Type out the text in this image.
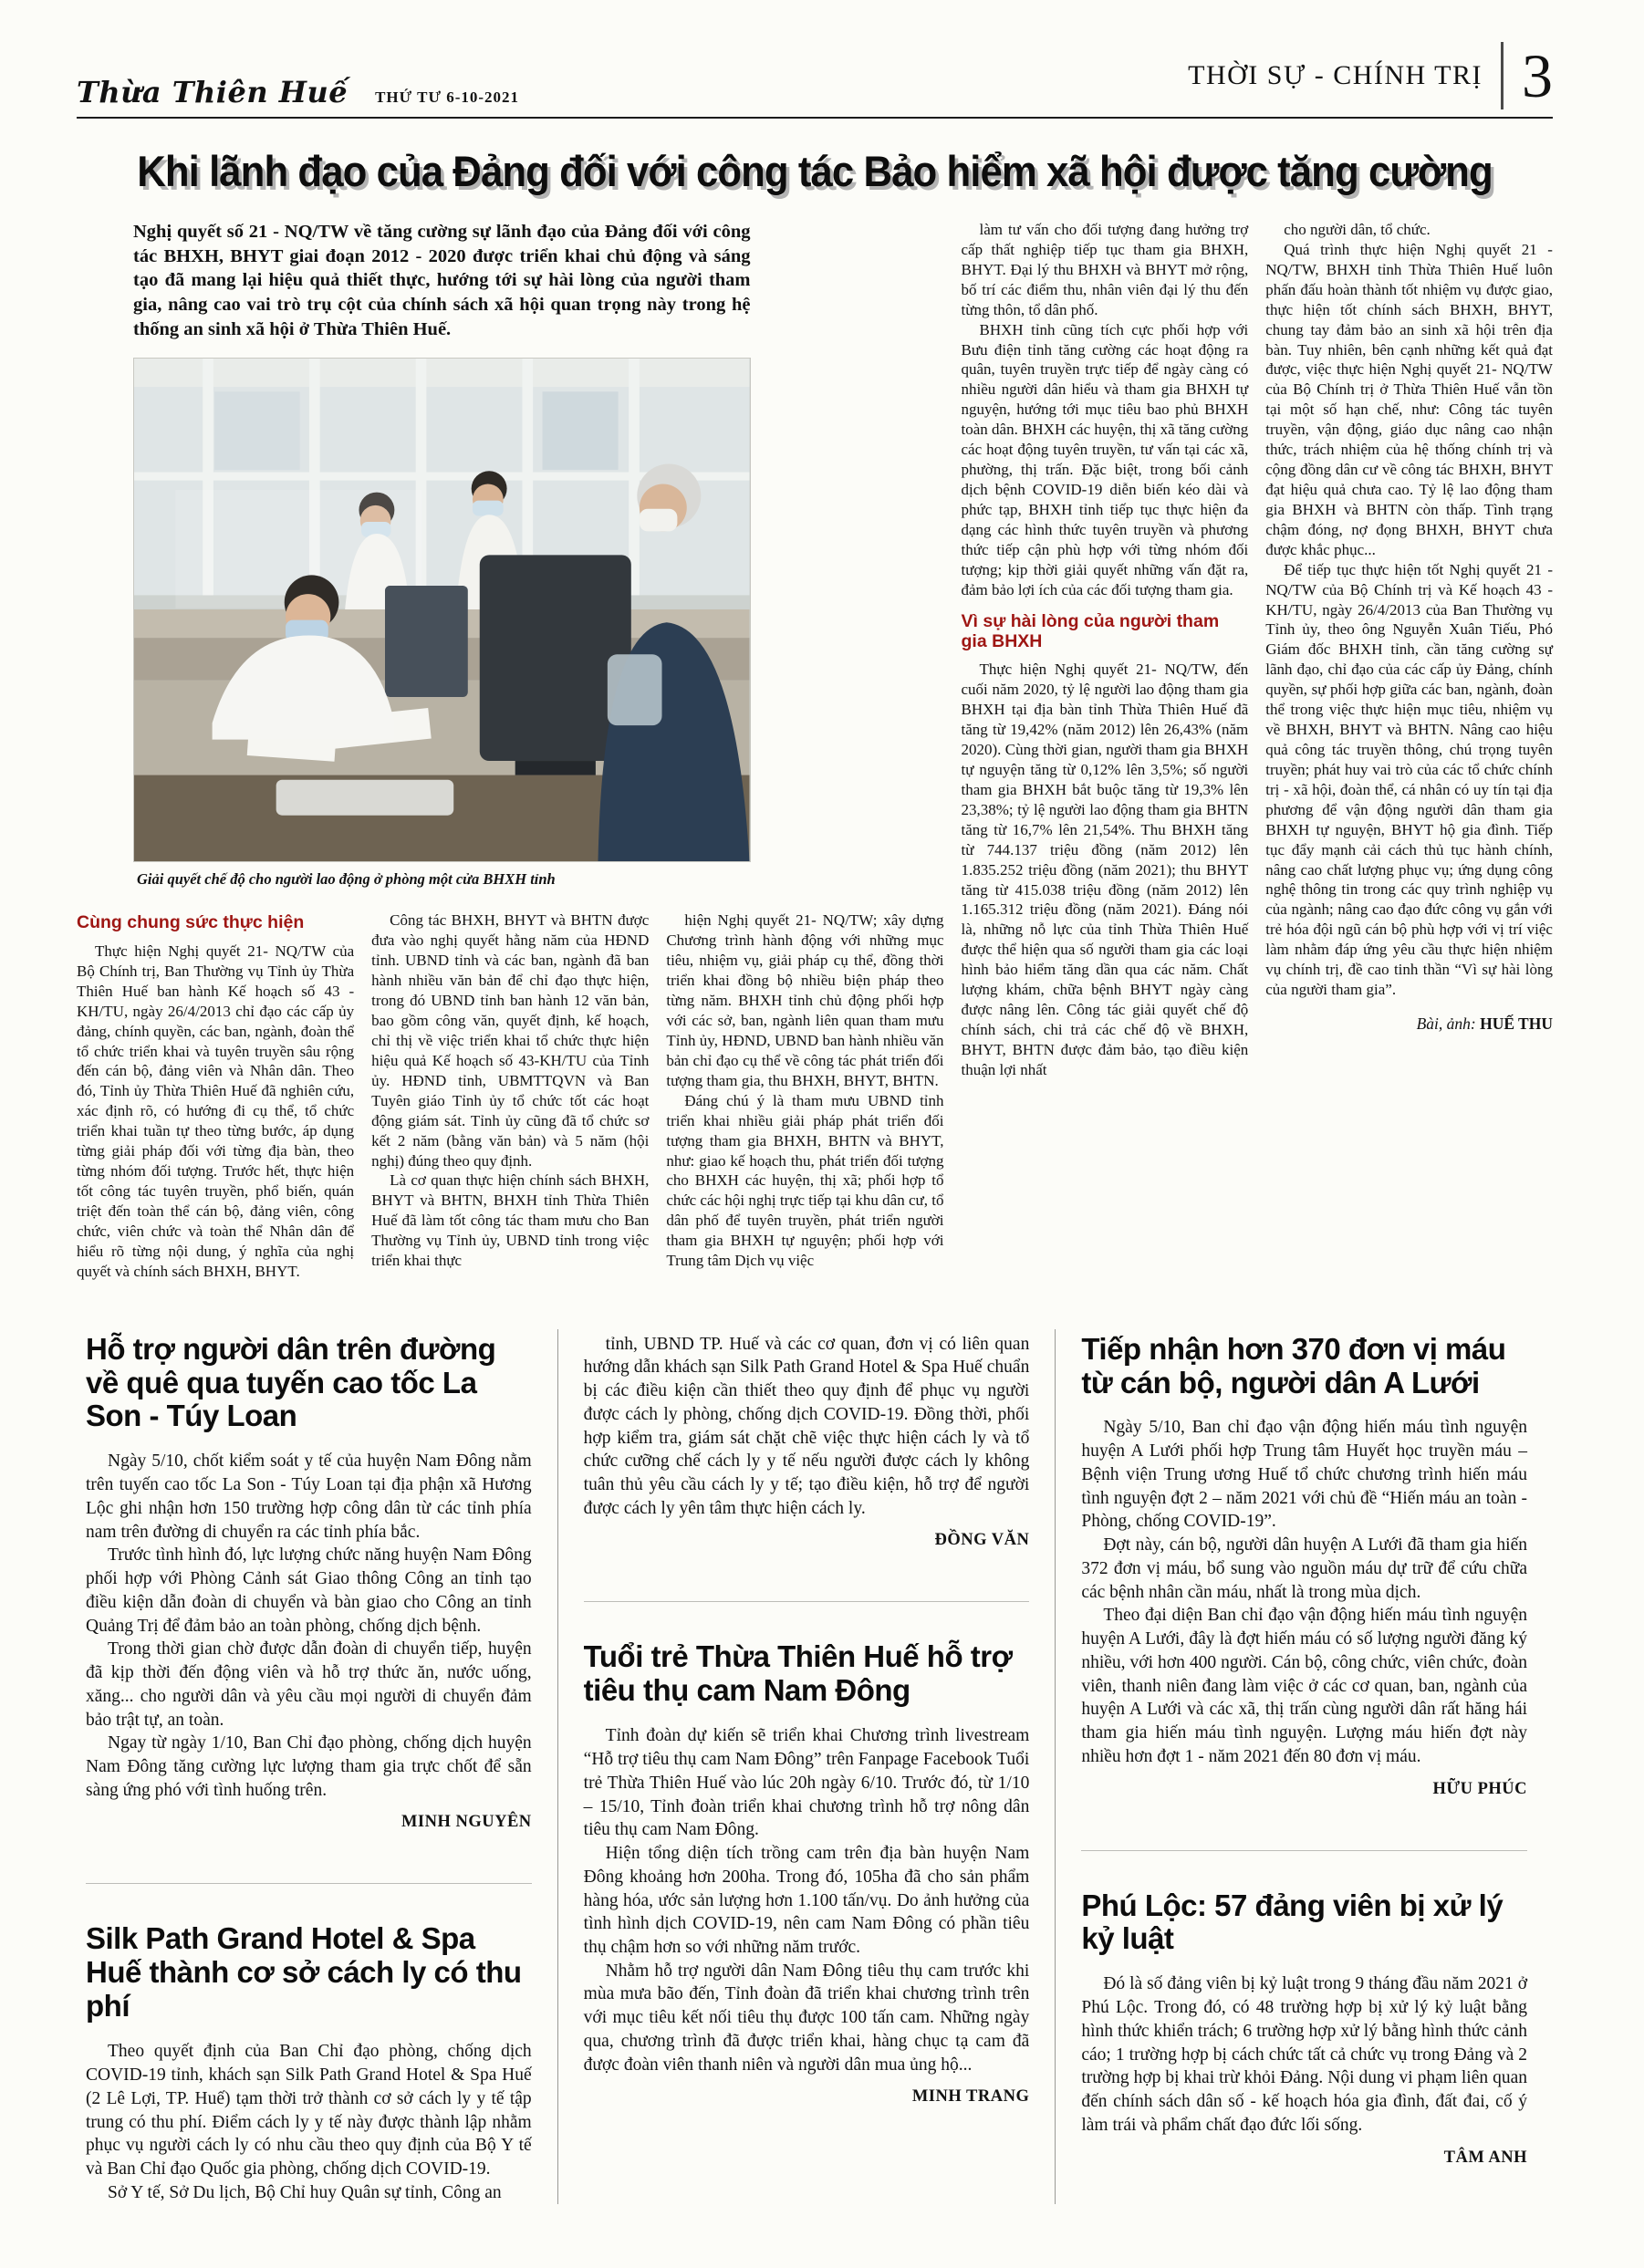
Thừa Thiên Huế THỨ TƯ 6-10-2021
THỜI SỰ - CHÍNH TRỊ 3
Khi lãnh đạo của Đảng đối với công tác Bảo hiểm xã hội được tăng cường

Nghị quyết số 21 - NQ/TW về tăng cường sự lãnh đạo của Đảng đối với công tác BHXH, BHYT giai đoạn 2012 - 2020 được triển khai chủ động và sáng tạo đã mang lại hiệu quả thiết thực, hướng tới sự hài lòng của người tham gia, nâng cao vai trò trụ cột của chính sách xã hội quan trọng này trong hệ thống an sinh xã hội ở Thừa Thiên Huế.

Giải quyết chế độ cho người lao động ở phòng một cửa BHXH tỉnh

Cùng chung sức thực hiện

Thực hiện Nghị quyết 21- NQ/TW của Bộ Chính trị, Ban Thường vụ Tỉnh ủy Thừa Thiên Huế ban hành Kế hoạch số 43 - KH/TU, ngày 26/4/2013 chỉ đạo các cấp ủy đảng, chính quyền, các ban, ngành, đoàn thể tổ chức triển khai và tuyên truyền sâu rộng đến cán bộ, đảng viên và Nhân dân. Theo đó, Tỉnh ủy Thừa Thiên Huế đã nghiên cứu, xác định rõ, có hướng đi cụ thể, tổ chức triển khai tuần tự theo từng bước, áp dụng từng giải pháp đối với từng địa bàn, theo từng nhóm đối tượng. Trước hết, thực hiện tốt công tác tuyên truyền, phổ biến, quán triệt đến toàn thể cán bộ, đảng viên, công chức, viên chức và toàn thể Nhân dân để hiểu rõ từng nội dung, ý nghĩa của nghị quyết và chính sách BHXH, BHYT.

Công tác BHXH, BHYT và BHTN được đưa vào nghị quyết hằng năm của HĐND tỉnh. UBND tỉnh và các ban, ngành đã ban hành nhiều văn bản để chỉ đạo thực hiện, trong đó UBND tỉnh ban hành 12 văn bản, bao gồm công văn, quyết định, kế hoạch, chỉ thị về việc triển khai tổ chức thực hiện hiệu quả Kế hoạch số 43-KH/TU của Tỉnh ủy. HĐND tỉnh, UBMTTQVN và Ban Tuyên giáo Tỉnh ủy tổ chức tốt các hoạt động giám sát. Tỉnh ủy cũng đã tổ chức sơ kết 2 năm (bằng văn bản) và 5 năm (hội nghị) đúng theo quy định.

Là cơ quan thực hiện chính sách BHXH, BHYT và BHTN, BHXH tỉnh Thừa Thiên Huế đã làm tốt công tác tham mưu cho Ban Thường vụ Tỉnh ủy, UBND tỉnh trong việc triển khai thực

hiện Nghị quyết 21- NQ/TW; xây dựng Chương trình hành động với những mục tiêu, nhiệm vụ, giải pháp cụ thể, đồng thời triển khai đồng bộ nhiều biện pháp theo từng năm. BHXH tỉnh chủ động phối hợp với các sở, ban, ngành liên quan tham mưu Tỉnh ủy, HĐND, UBND ban hành nhiều văn bản chỉ đạo cụ thể về công tác phát triển đối tượng tham gia, thu BHXH, BHYT, BHTN.

Đáng chú ý là tham mưu UBND tỉnh triển khai nhiều giải pháp phát triển đối tượng tham gia BHXH, BHTN và BHYT, như: giao kế hoạch thu, phát triển đối tượng cho BHXH các huyện, thị xã; phối hợp tổ chức các hội nghị trực tiếp tại khu dân cư, tổ dân phố để tuyên truyền, phát triển người tham gia BHXH tự nguyện; phối hợp với Trung tâm Dịch vụ việc

làm tư vấn cho đối tượng đang hưởng trợ cấp thất nghiệp tiếp tục tham gia BHXH, BHYT. Đại lý thu BHXH và BHYT mở rộng, bố trí các điểm thu, nhân viên đại lý thu đến từng thôn, tổ dân phố.

BHXH tỉnh cũng tích cực phối hợp với Bưu điện tỉnh tăng cường các hoạt động ra quân, tuyên truyền trực tiếp để ngày càng có nhiều người dân hiểu và tham gia BHXH tự nguyện, hướng tới mục tiêu bao phủ BHXH toàn dân. BHXH các huyện, thị xã tăng cường các hoạt động tuyên truyền, tư vấn tại các xã, phường, thị trấn. Đặc biệt, trong bối cảnh dịch bệnh COVID-19 diễn biến kéo dài và phức tạp, BHXH tỉnh tiếp tục thực hiện đa dạng các hình thức tuyên truyền và phương thức tiếp cận phù hợp với từng nhóm đối tượng; kịp thời giải quyết những vấn đặt ra, đảm bảo lợi ích của các đối tượng tham gia.

Vì sự hài lòng của người tham gia BHXH

Thực hiện Nghị quyết 21- NQ/TW, đến cuối năm 2020, tỷ lệ người lao động tham gia BHXH tại địa bàn tỉnh Thừa Thiên Huế đã tăng từ 19,42% (năm 2012) lên 26,43% (năm 2020). Cùng thời gian, người tham gia BHXH tự nguyện tăng từ 0,12% lên 3,5%; số người tham gia BHXH bắt buộc tăng từ 19,3% lên 23,38%; tỷ lệ người lao động tham gia BHTN tăng từ 16,7% lên 21,54%. Thu BHXH tăng từ 744.137 triệu đồng (năm 2012) lên 1.835.252 triệu đồng (năm 2021); thu BHYT tăng từ 415.038 triệu đồng (năm 2012) lên 1.165.312 triệu đồng (năm 2021). Đáng nói là, những nỗ lực của tỉnh Thừa Thiên Huế được thể hiện qua số người tham gia các loại hình bảo hiểm tăng dần qua các năm. Chất lượng khám, chữa bệnh BHYT ngày càng được nâng lên. Công tác giải quyết chế độ chính sách, chi trả các chế độ về BHXH, BHYT, BHTN được đảm bảo, tạo điều kiện thuận lợi nhất

cho người dân, tổ chức.

Quá trình thực hiện Nghị quyết 21 - NQ/TW, BHXH tỉnh Thừa Thiên Huế luôn phấn đấu hoàn thành tốt nhiệm vụ được giao, thực hiện tốt chính sách BHXH, BHYT, chung tay đảm bảo an sinh xã hội trên địa bàn. Tuy nhiên, bên cạnh những kết quả đạt được, việc thực hiện Nghị quyết 21- NQ/TW của Bộ Chính trị ở Thừa Thiên Huế vẫn tồn tại một số hạn chế, như: Công tác tuyên truyền, vận động, giáo dục nâng cao nhận thức, trách nhiệm của hệ thống chính trị và cộng đồng dân cư về công tác BHXH, BHYT đạt hiệu quả chưa cao. Tỷ lệ lao động tham gia BHXH và BHTN còn thấp. Tình trạng chậm đóng, nợ đọng BHXH, BHYT chưa được khắc phục...

Để tiếp tục thực hiện tốt Nghị quyết 21 - NQ/TW của Bộ Chính trị và Kế hoạch 43 - KH/TU, ngày 26/4/2013 của Ban Thường vụ Tỉnh ủy, theo ông Nguyễn Xuân Tiếu, Phó Giám đốc BHXH tỉnh, cần tăng cường sự lãnh đạo, chỉ đạo của các cấp ủy Đảng, chính quyền, sự phối hợp giữa các ban, ngành, đoàn thể trong việc thực hiện mục tiêu, nhiệm vụ về BHXH, BHYT và BHTN. Nâng cao hiệu quả công tác truyền thông, chú trọng tuyên truyền; phát huy vai trò của các tổ chức chính trị - xã hội, đoàn thể, cá nhân có uy tín tại địa phương để vận động người dân tham gia BHXH tự nguyện, BHYT hộ gia đình. Tiếp tục đẩy mạnh cải cách thủ tục hành chính, nâng cao chất lượng phục vụ; ứng dụng công nghệ thông tin trong các quy trình nghiệp vụ của ngành; nâng cao đạo đức công vụ gắn với trẻ hóa đội ngũ cán bộ phù hợp với vị trí việc làm nhằm đáp ứng yêu cầu thực hiện nhiệm vụ chính trị, đề cao tinh thần “Vì sự hài lòng của người tham gia”.

Bài, ảnh: HUẾ THU

Hỗ trợ người dân trên đường về quê qua tuyến cao tốc La Son - Túy Loan

Ngày 5/10, chốt kiểm soát y tế của huyện Nam Đông nằm trên tuyến cao tốc La Son - Túy Loan tại địa phận xã Hương Lộc ghi nhận hơn 150 trường hợp công dân từ các tỉnh phía nam trên đường di chuyển ra các tỉnh phía bắc.

Trước tình hình đó, lực lượng chức năng huyện Nam Đông phối hợp với Phòng Cảnh sát Giao thông Công an tỉnh tạo điều kiện dẫn đoàn di chuyển và bàn giao cho Công an tỉnh Quảng Trị để đảm bảo an toàn phòng, chống dịch bệnh.

Trong thời gian chờ được dẫn đoàn di chuyển tiếp, huyện đã kịp thời đến động viên và hỗ trợ thức ăn, nước uống, xăng... cho người dân và yêu cầu mọi người di chuyển đảm bảo trật tự, an toàn.

Ngay từ ngày 1/10, Ban Chỉ đạo phòng, chống dịch huyện Nam Đông tăng cường lực lượng tham gia trực chốt để sẵn sàng ứng phó với tình huống trên.

MINH NGUYÊN

Silk Path Grand Hotel & Spa Huế thành cơ sở cách ly có thu phí

Theo quyết định của Ban Chỉ đạo phòng, chống dịch COVID-19 tỉnh, khách sạn Silk Path Grand Hotel & Spa Huế (2 Lê Lợi, TP. Huế) tạm thời trở thành cơ sở cách ly y tế tập trung có thu phí. Điểm cách ly y tế này được thành lập nhằm phục vụ người cách ly có nhu cầu theo quy định của Bộ Y tế và Ban Chỉ đạo Quốc gia phòng, chống dịch COVID-19.

Sở Y tế, Sở Du lịch, Bộ Chỉ huy Quân sự tỉnh, Công an

tỉnh, UBND TP. Huế và các cơ quan, đơn vị có liên quan hướng dẫn khách sạn Silk Path Grand Hotel & Spa Huế chuẩn bị các điều kiện cần thiết theo quy định để phục vụ người được cách ly phòng, chống dịch COVID-19. Đồng thời, phối hợp kiểm tra, giám sát chặt chẽ việc thực hiện cách ly và tổ chức cưỡng chế cách ly y tế nếu người được cách ly không tuân thủ yêu cầu cách ly y tế; tạo điều kiện, hỗ trợ để người được cách ly yên tâm thực hiện cách ly.

ĐỒNG VĂN

Tuổi trẻ Thừa Thiên Huế hỗ trợ tiêu thụ cam Nam Đông

Tỉnh đoàn dự kiến sẽ triển khai Chương trình livestream “Hỗ trợ tiêu thụ cam Nam Đông” trên Fanpage Facebook Tuổi trẻ Thừa Thiên Huế vào lúc 20h ngày 6/10. Trước đó, từ 1/10 – 15/10, Tỉnh đoàn triển khai chương trình hỗ trợ nông dân tiêu thụ cam Nam Đông.

Hiện tổng diện tích trồng cam trên địa bàn huyện Nam Đông khoảng hơn 200ha. Trong đó, 105ha đã cho sản phẩm hàng hóa, ước sản lượng hơn 1.100 tấn/vụ. Do ảnh hưởng của tình hình dịch COVID-19, nên cam Nam Đông có phần tiêu thụ chậm hơn so với những năm trước.

Nhằm hỗ trợ người dân Nam Đông tiêu thụ cam trước khi mùa mưa bão đến, Tỉnh đoàn đã triển khai chương trình trên với mục tiêu kết nối tiêu thụ được 100 tấn cam. Những ngày qua, chương trình đã được triển khai, hàng chục tạ cam đã được đoàn viên thanh niên và người dân mua ủng hộ...

MINH TRANG

Tiếp nhận hơn 370 đơn vị máu từ cán bộ, người dân A Lưới

Ngày 5/10, Ban chỉ đạo vận động hiến máu tình nguyện huyện A Lưới phối hợp Trung tâm Huyết học truyền máu – Bệnh viện Trung ương Huế tổ chức chương trình hiến máu tình nguyện đợt 2 – năm 2021 với chủ đề “Hiến máu an toàn - Phòng, chống COVID-19”.

Đợt này, cán bộ, người dân huyện A Lưới đã tham gia hiến 372 đơn vị máu, bổ sung vào nguồn máu dự trữ để cứu chữa các bệnh nhân cần máu, nhất là trong mùa dịch.

Theo đại diện Ban chỉ đạo vận động hiến máu tình nguyện huyện A Lưới, đây là đợt hiến máu có số lượng người đăng ký nhiều, với hơn 400 người. Cán bộ, công chức, viên chức, đoàn viên, thanh niên đang làm việc ở các cơ quan, ban, ngành của huyện A Lưới và các xã, thị trấn cùng người dân rất hăng hái tham gia hiến máu tình nguyện. Lượng máu hiến đợt này nhiều hơn đợt 1 - năm 2021 đến 80 đơn vị máu.

HỮU PHÚC

Phú Lộc: 57 đảng viên bị xử lý kỷ luật

Đó là số đảng viên bị kỷ luật trong 9 tháng đầu năm 2021 ở Phú Lộc. Trong đó, có 48 trường hợp bị xử lý kỷ luật bằng hình thức khiển trách; 6 trường hợp xử lý bằng hình thức cảnh cáo; 1 trường hợp bị cách chức tất cả chức vụ trong Đảng và 2 trường hợp bị khai trừ khỏi Đảng. Nội dung vi phạm liên quan đến chính sách dân số - kế hoạch hóa gia đình, đất đai, cố ý làm trái và phẩm chất đạo đức lối sống.

TÂM ANH
